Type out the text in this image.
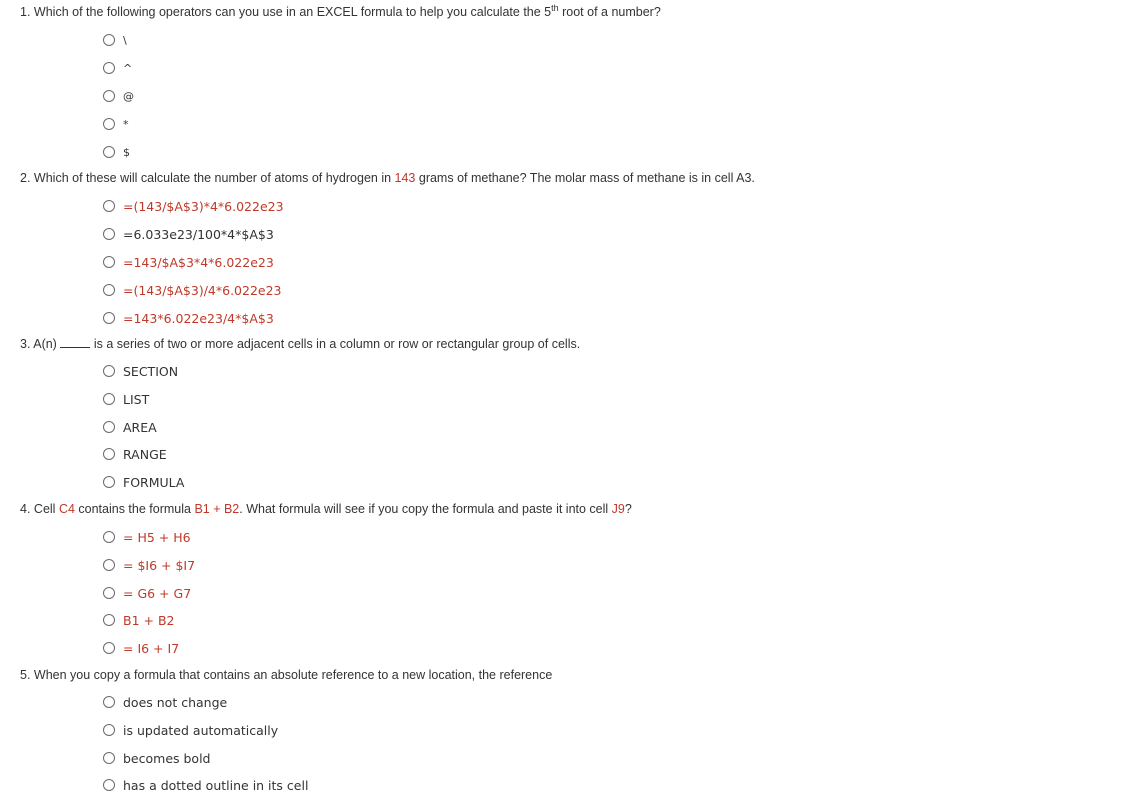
1. Which of the following operators can you use in an EXCEL formula to help you calculate the 5th root of a number?
\
^
@
*
$
2. Which of these will calculate the number of atoms of hydrogen in 143 grams of methane? The molar mass of methane is in cell A3.
=(143/$A$3)*4*6.022e23
=6.033e23/100*4*$A$3
=143/$A$3*4*6.022e23
=(143/$A$3)/4*6.022e23
=143*6.022e23/4*$A$3
3. A(n)	is a series of two or more adjacent cells in a column or row or rectangular group of cells.
SECTION
LIST
AREA
RANGE
FORMULA
4. Cell C4 contains the formula B1 + B2. What formula will see if you copy the formula and paste it into cell J9?
= H5 + H6
= $I6 + $I7
= G6 + G7
B1 + B2
= I6 + I7
5. When you copy a formula that contains an absolute reference to a new location, the reference
does not change
is updated automatically
becomes bold
has a dotted outline in its cell
